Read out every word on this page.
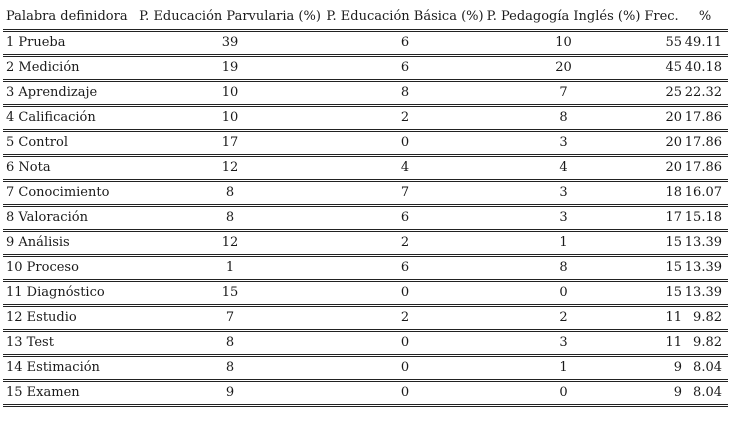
Palabra definidora	P. Educación Parvularia (%)	P. Educación Básica (%)	P. Pedagogía Inglés (%)	Frec.	%
1 Prueba	39	6	10	55	49.11
2 Medición	19	6	20	45	40.18
3 Aprendizaje	10	8	7	25	22.32
4 Calificación	10	2	8	20	17.86
5 Control	17	0	3	20	17.86
6 Nota	12	4	4	20	17.86
7 Conocimiento	8	7	3	18	16.07
8 Valoración	8	6	3	17	15.18
9 Análisis	12	2	1	15	13.39
10 Proceso	1	6	8	15	13.39
11 Diagnóstico	15	0	0	15	13.39
12 Estudio	7	2	2	11	9.82
13 Test	8	0	3	11	9.82
14 Estimación	8	0	1	9	8.04
15 Examen	9	0	0	9	8.04
